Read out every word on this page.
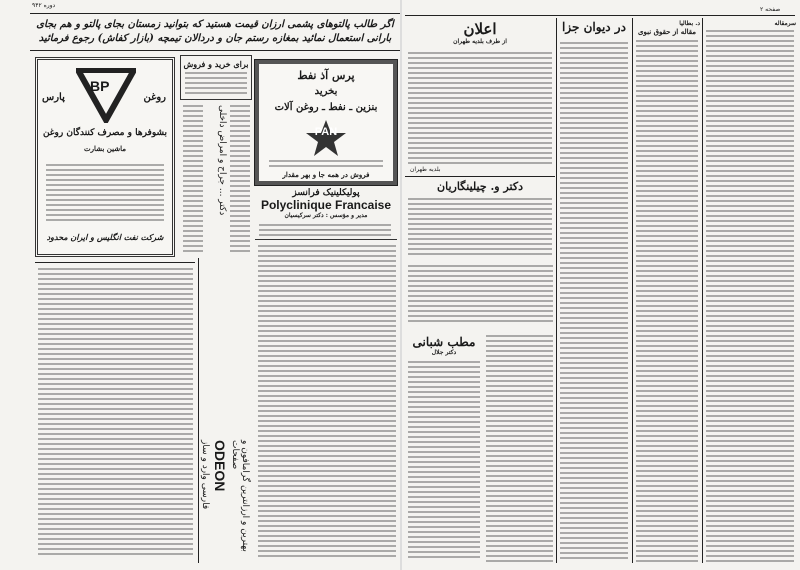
دوره ۹۴۲
اگر طالب پالتوهای پشمی ارزان قیمت هستید که بتوانید زمستان بجای پالتو و هم بجای بارانی استعمال نمائید بمغازه رستم جان و دردالان تیمچه (بازار کفاش) رجوع فرمائید
BP
پارس	روغن
بشوفرها و مصرف کنندگان روغن
ماشین بشارت
شرکت نفت انگلیس و ایران محدود
برای خرید و فروش
دکتر ... جراح و امراض داخلی
پرس آذ نفط
بخرید
بنزین ـ نفط ـ روغن آلات
PAN
فروش در همه جا و بهر مقدار
پولیکلینیک فرانسز
Polyclinique Francaise
مدیر و مؤسس : دکتر سرکیسیان
ODEON	بهترین و ارزانترین گرامافون و صفحات
فارسی وارد و ساز
صفحه ۲
اعلان
از طرف بلدیه طهران
بلدیه طهران
دکتر و. چیلینگاریان
مطب شبانی
دکتر جلال
در دیوان جزا	د. بطالیا
مقاله از حقوق نبوی
سرمقاله
